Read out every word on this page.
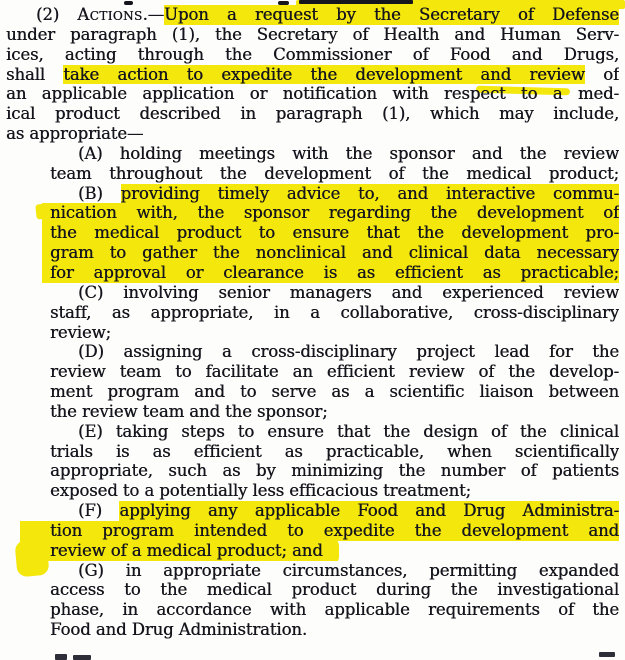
(2) Actions.—Upon a request by the Secretary of Defense
under paragraph (1), the Secretary of Health and Human Serv-
ices, acting through the Commissioner of Food and Drugs,
shall take action to expedite the development and review of
an applicable application or notification with respect to a med-
ical product described in paragraph (1), which may include,
as appropriate—
(A) holding meetings with the sponsor and the review
team throughout the development of the medical product;
(B) providing timely advice to, and interactive commu-
nication with, the sponsor regarding the development of
the medical product to ensure that the development pro-
gram to gather the nonclinical and clinical data necessary
for approval or clearance is as efficient as practicable;
(C) involving senior managers and experienced review
staff, as appropriate, in a collaborative, cross-disciplinary
review;
(D) assigning a cross-disciplinary project lead for the
review team to facilitate an efficient review of the develop-
ment program and to serve as a scientific liaison between
the review team and the sponsor;
(E) taking steps to ensure that the design of the clinical
trials is as efficient as practicable, when scientifically
appropriate, such as by minimizing the number of patients
exposed to a potentially less efficacious treatment;
(F) applying any applicable Food and Drug Administra-
tion program intended to expedite the development and
review of a medical product; and
(G) in appropriate circumstances, permitting expanded
access to the medical product during the investigational
phase, in accordance with applicable requirements of the
Food and Drug Administration.
